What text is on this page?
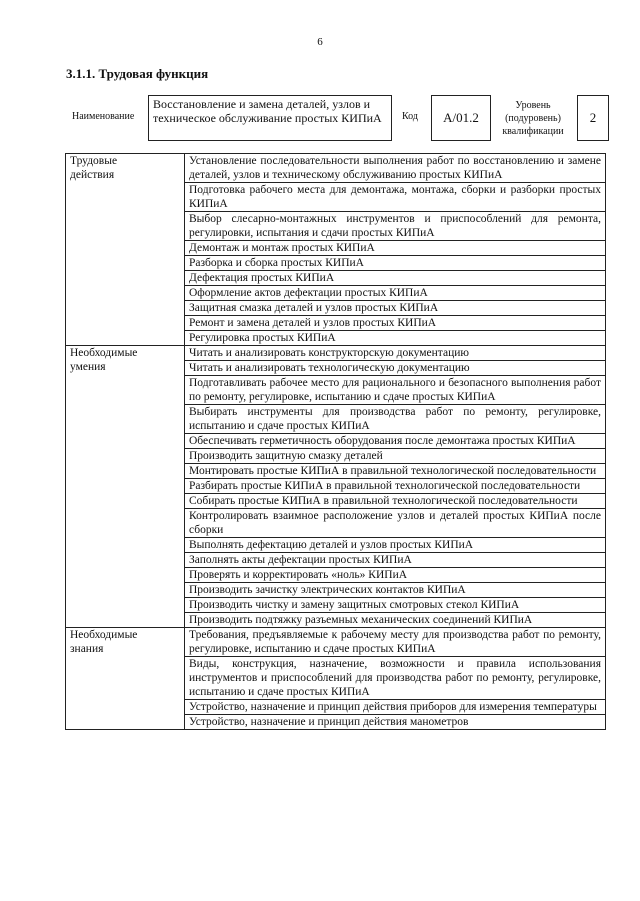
6
3.1.1. Трудовая функция
Наименование
Восстановление и замена деталей, узлов и техническое обслуживание простых КИПиА	Код	A/01.2
Уровень
(подуровень)
квалификации
2
Трудовые
действия	Установление последовательности выполнения работ по восстановлению и замене деталей, узлов и техническому обслуживанию простых КИПиА
	Подготовка рабочего места для демонтажа, монтажа, сборки и разборки простых КИПиА
	Выбор слесарно-монтажных инструментов и приспособлений для ремонта, регулировки, испытания и сдачи простых КИПиА
	Демонтаж и монтаж простых КИПиА
	Разборка и сборка простых КИПиА
	Дефектация простых КИПиА
	Оформление актов дефектации простых КИПиА
	Защитная смазка деталей и узлов простых КИПиА
	Ремонт и замена деталей и узлов простых КИПиА
	Регулировка простых КИПиА

Необходимые
умения	Читать и анализировать конструкторскую документацию
	Читать и анализировать технологическую документацию
	Подготавливать рабочее место для рационального и безопасного выполнения работ по ремонту, регулировке, испытанию и сдаче простых КИПиА
	Выбирать инструменты для производства работ по ремонту, регулировке, испытанию и сдаче простых КИПиА
	Обеспечивать герметичность оборудования после демонтажа простых КИПиА
	Производить защитную смазку деталей
	Монтировать простые КИПиА в правильной технологической последовательности
	Разбирать простые КИПиА в правильной технологической последовательности
	Собирать простые КИПиА в правильной технологической последовательности
	Контролировать взаимное расположение узлов и деталей простых КИПиА после сборки
	Выполнять дефектацию деталей и узлов простых КИПиА
	Заполнять акты дефектации простых КИПиА
	Проверять и корректировать «ноль» КИПиА
	Производить зачистку электрических контактов КИПиА
	Производить чистку и замену защитных смотровых стекол КИПиА
	Производить подтяжку разъемных механических соединений КИПиА

Необходимые
знания	Требования, предъявляемые к рабочему месту для производства работ по ремонту, регулировке, испытанию и сдаче простых КИПиА
	Виды, конструкция, назначение, возможности и правила использования инструментов и приспособлений для производства работ по ремонту, регулировке, испытанию и сдаче простых КИПиА
	Устройство, назначение и принцип действия приборов для измерения температуры
	Устройство, назначение и принцип действия манометров
